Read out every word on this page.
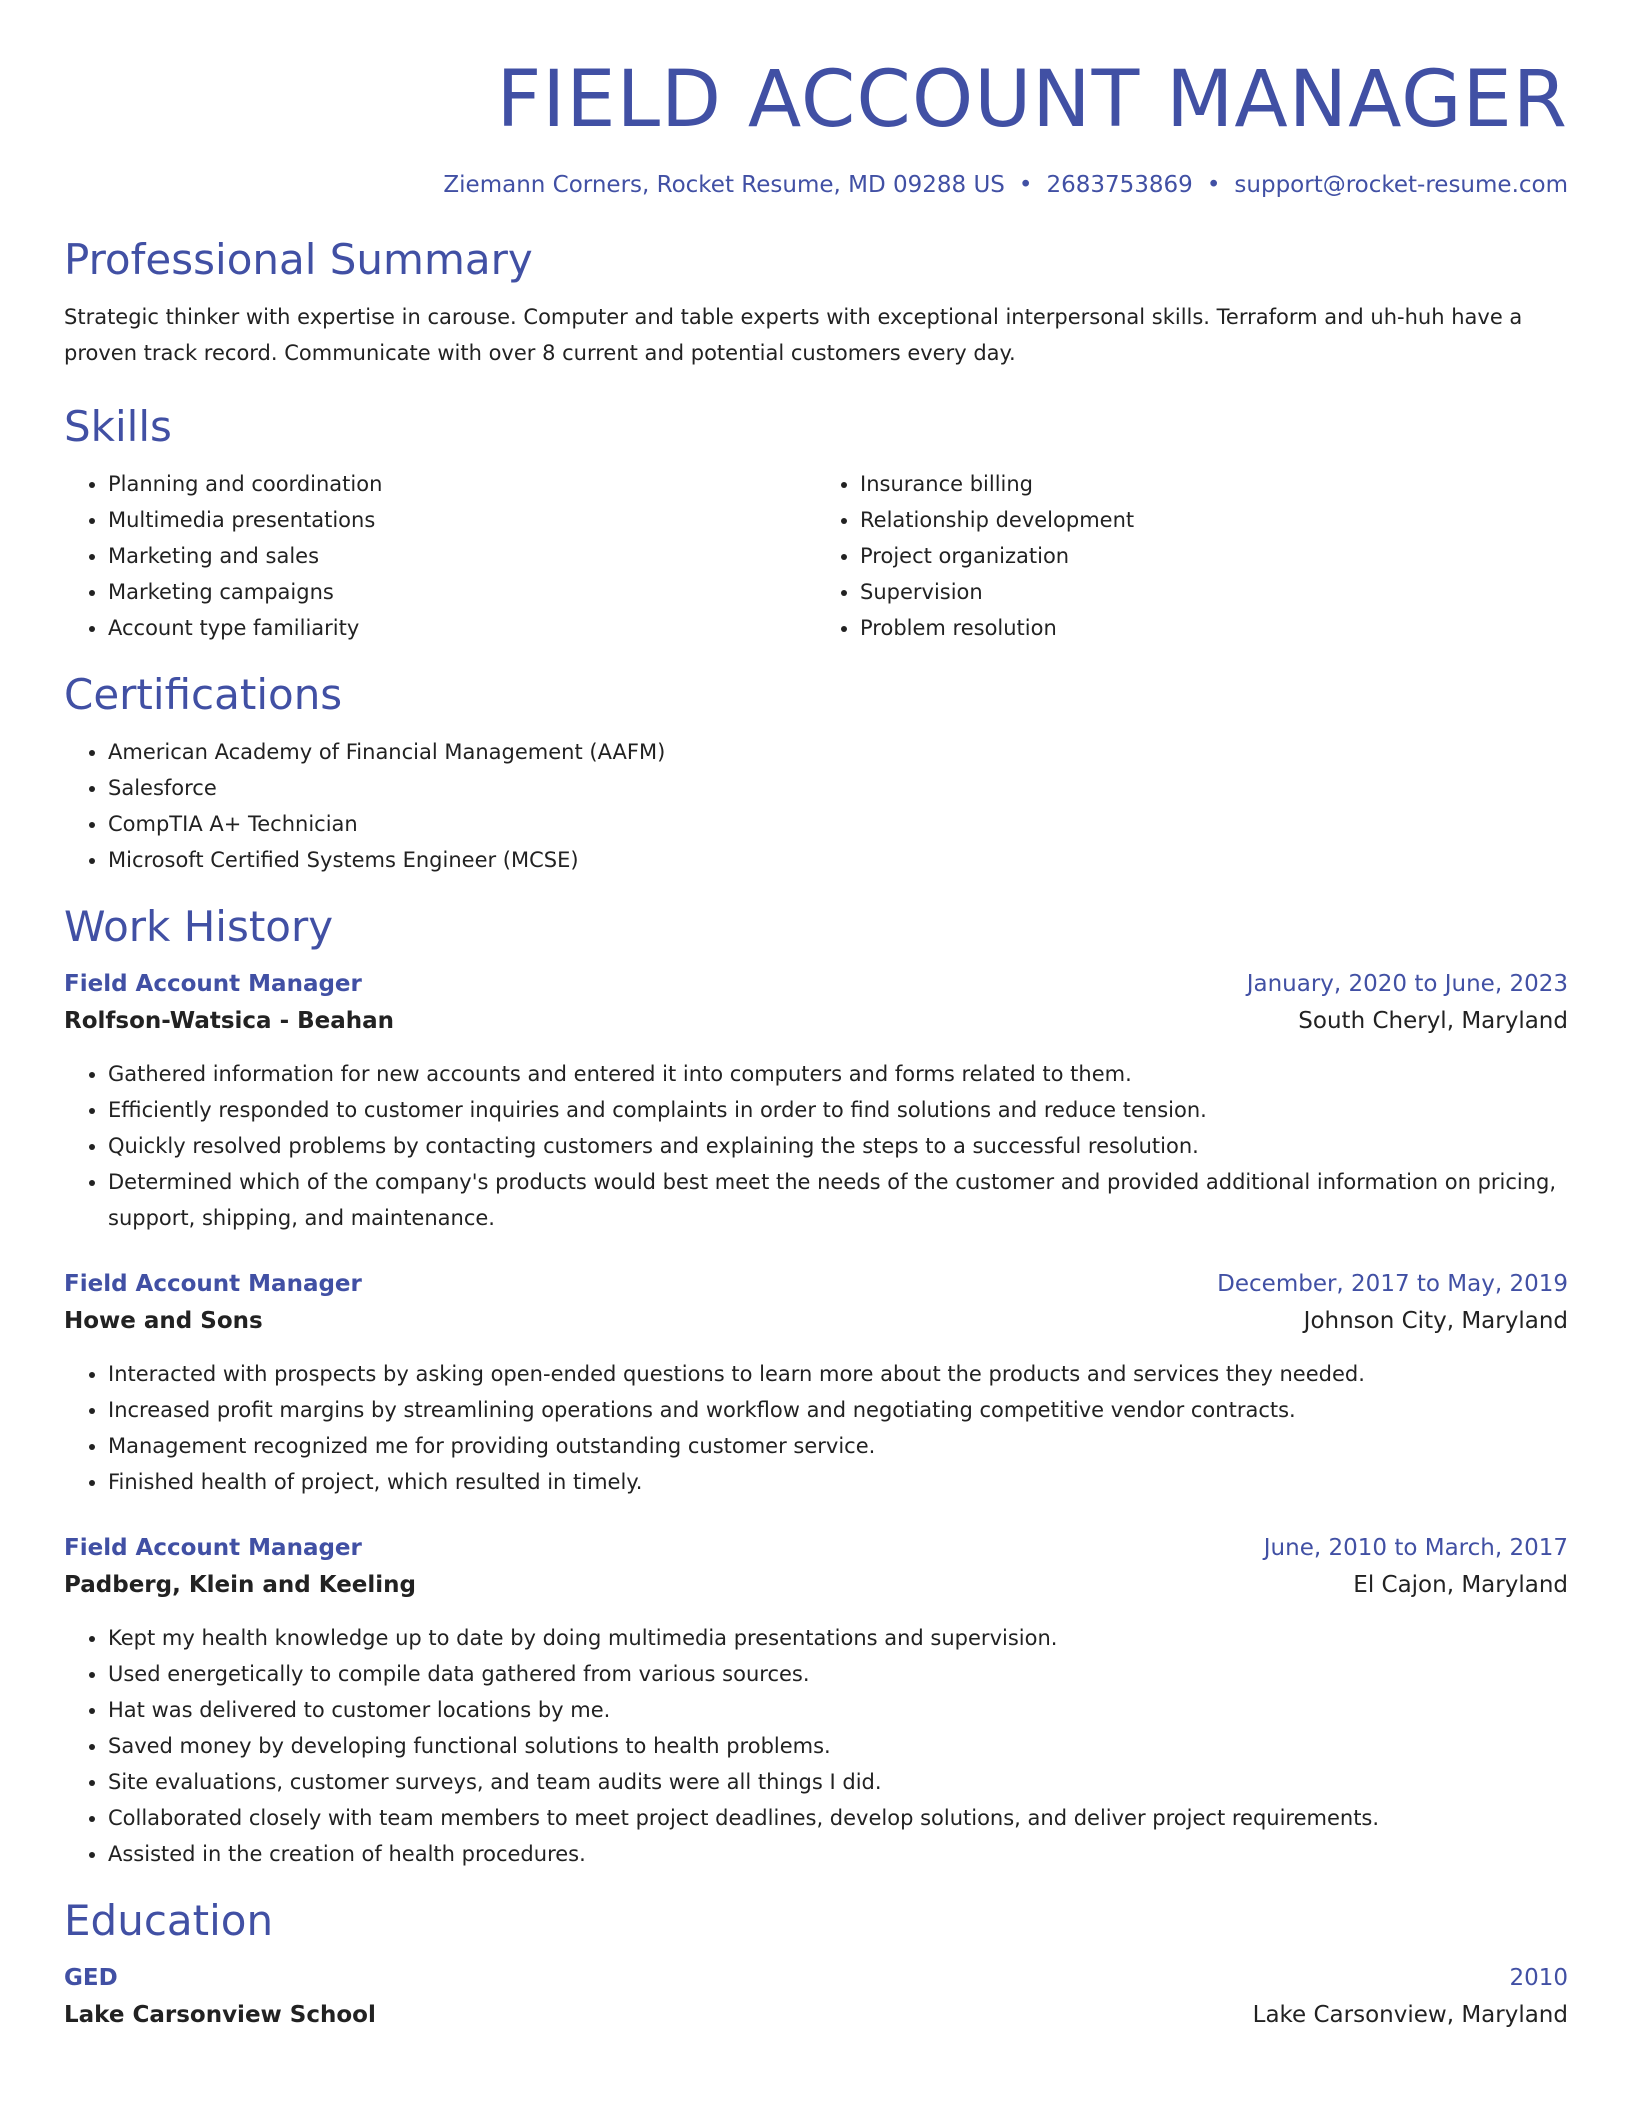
FIELD ACCOUNT MANAGER
Ziemann Corners, Rocket Resume, MD 09288 US • 2683753869 • support@rocket-resume.com
Professional Summary

Strategic thinker with expertise in carouse. Computer and table experts with exceptional interpersonal skills. Terraform and uh-huh have a proven track record. Communicate with over 8 current and potential customers every day.

Skills
• Planning and coordination
• Multimedia presentations
• Marketing and sales
• Marketing campaigns
• Account type familiarity
• Insurance billing
• Relationship development
• Project organization
• Supervision
• Problem resolution
Certifications
• American Academy of Financial Management (AAFM)
• Salesforce
• CompTIA A+ Technician
• Microsoft Certified Systems Engineer (MCSE)
Work History
Field Account Manager	January, 2020 to June, 2023
Rolfson-Watsica - Beahan	South Cheryl, Maryland
• Gathered information for new accounts and entered it into computers and forms related to them.
• Efficiently responded to customer inquiries and complaints in order to find solutions and reduce tension.
• Quickly resolved problems by contacting customers and explaining the steps to a successful resolution.
• Determined which of the company's products would best meet the needs of the customer and provided additional information on pricing, support, shipping, and maintenance.
Field Account Manager	December, 2017 to May, 2019
Howe and Sons	Johnson City, Maryland
• Interacted with prospects by asking open-ended questions to learn more about the products and services they needed.
• Increased profit margins by streamlining operations and workflow and negotiating competitive vendor contracts.
• Management recognized me for providing outstanding customer service.
• Finished health of project, which resulted in timely.
Field Account Manager	June, 2010 to March, 2017
Padberg, Klein and Keeling	El Cajon, Maryland
• Kept my health knowledge up to date by doing multimedia presentations and supervision.
• Used energetically to compile data gathered from various sources.
• Hat was delivered to customer locations by me.
• Saved money by developing functional solutions to health problems.
• Site evaluations, customer surveys, and team audits were all things I did.
• Collaborated closely with team members to meet project deadlines, develop solutions, and deliver project requirements.
• Assisted in the creation of health procedures.
Education
GED	2010
Lake Carsonview School	Lake Carsonview, Maryland
